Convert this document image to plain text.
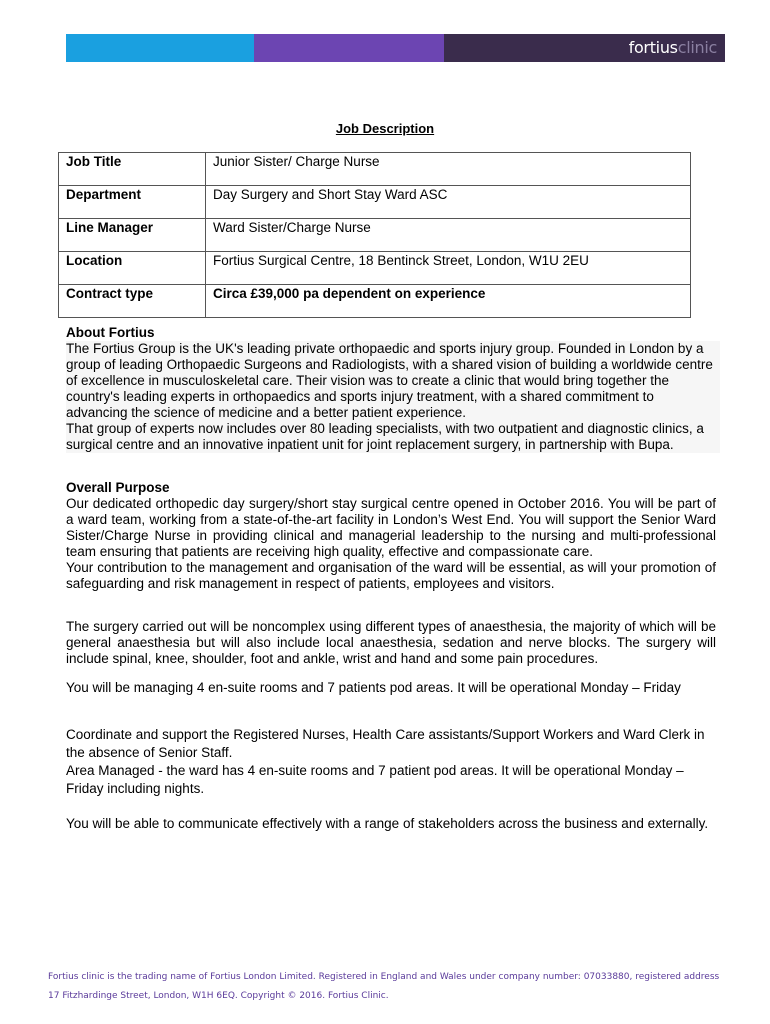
fortiusclinic
Job Description
Job Title	Junior Sister/ Charge Nurse
Department	Day Surgery and Short Stay Ward ASC
Line Manager	Ward Sister/Charge Nurse
Location	Fortius Surgical Centre, 18 Bentinck Street, London, W1U 2EU
Contract type	Circa £39,000 pa dependent on experience
About Fortius

The Fortius Group is the UK's leading private orthopaedic and sports injury group. Founded in London by a group of leading Orthopaedic Surgeons and Radiologists, with a shared vision of building a worldwide centre of excellence in musculoskeletal care. Their vision was to create a clinic that would bring together the country's leading experts in orthopaedics and sports injury treatment, with a shared commitment to advancing the science of medicine and a better patient experience.

That group of experts now includes over 80 leading specialists, with two outpatient and diagnostic clinics, a surgical centre and an innovative inpatient unit for joint replacement surgery, in partnership with Bupa.

Overall Purpose

Our dedicated orthopedic day surgery/short stay surgical centre opened in October 2016. You will be part of a ward team, working from a state-of-the-art facility in London’s West End. You will support the Senior Ward Sister/Charge Nurse in providing clinical and managerial leadership to the nursing and multi-professional team ensuring that patients are receiving high quality, effective and compassionate care.

Your contribution to the management and organisation of the ward will be essential, as will your promotion of safeguarding and risk management in respect of patients, employees and visitors.

The surgery carried out will be noncomplex using different types of anaesthesia, the majority of which will be general anaesthesia but will also include local anaesthesia, sedation and nerve blocks. The surgery will include spinal, knee, shoulder, foot and ankle, wrist and hand and some pain procedures.
You will be managing 4 en-suite rooms and 7 patients pod areas. It will be operational Monday – Friday

Coordinate and support the Registered Nurses, Health Care assistants/Support Workers and Ward Clerk in the absence of Senior Staff.

Area Managed - the ward has 4 en-suite rooms and 7 patient pod areas. It will be operational Monday –Friday including nights.

You will be able to communicate effectively with a range of stakeholders across the business and externally.
Fortius clinic is the trading name of Fortius London Limited. Registered in England and Wales under company number: 07033880, registered address 17 Fitzhardinge Street, London, W1H 6EQ. Copyright © 2016. Fortius Clinic.
